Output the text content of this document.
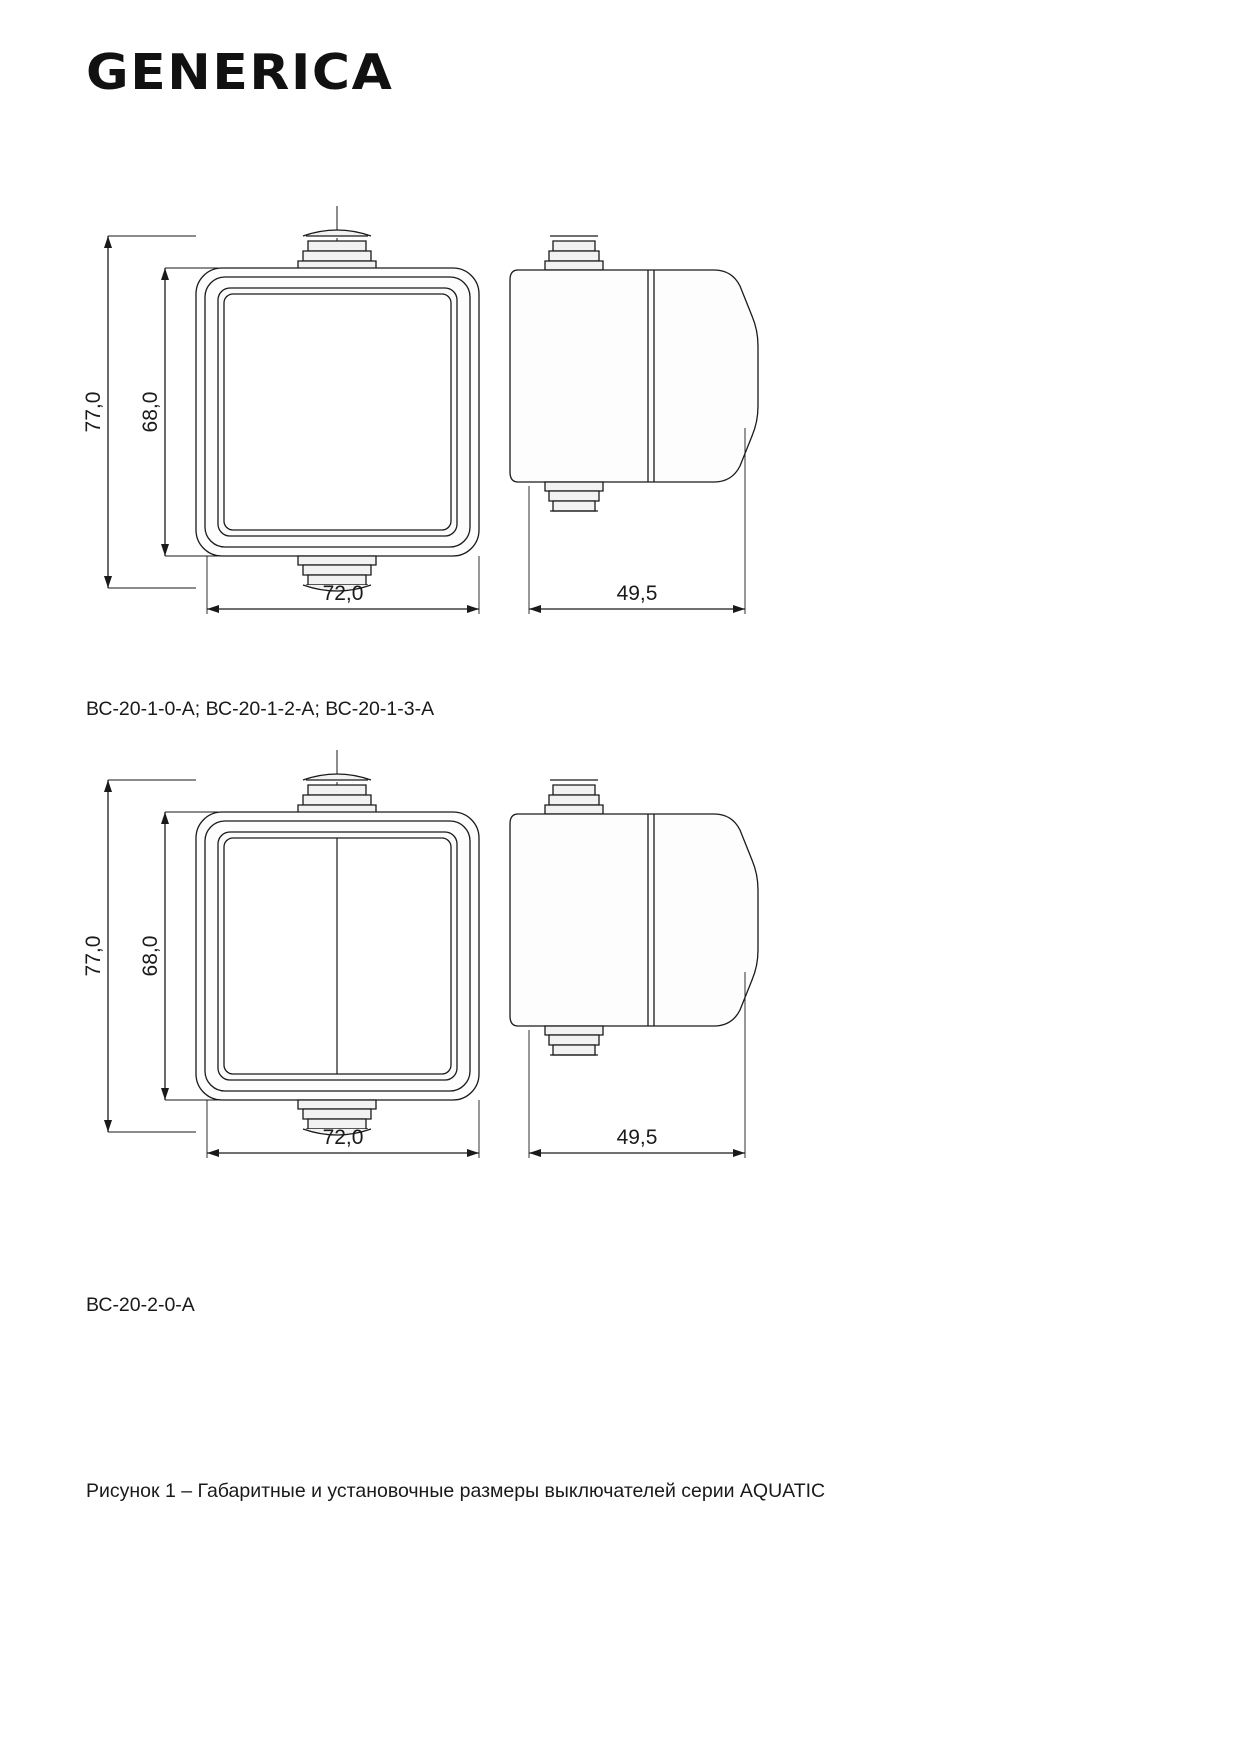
GENERICA
77,0 68,0
72,0	49,5
ВС-20-1-0-А; ВС-20-1-2-А; ВС-20-1-3-А
77,0 68,0
72,0	49,5
ВС-20-2-0-А
Рисунок 1 – Габаритные и установочные размеры выключателей серии AQUATIC
